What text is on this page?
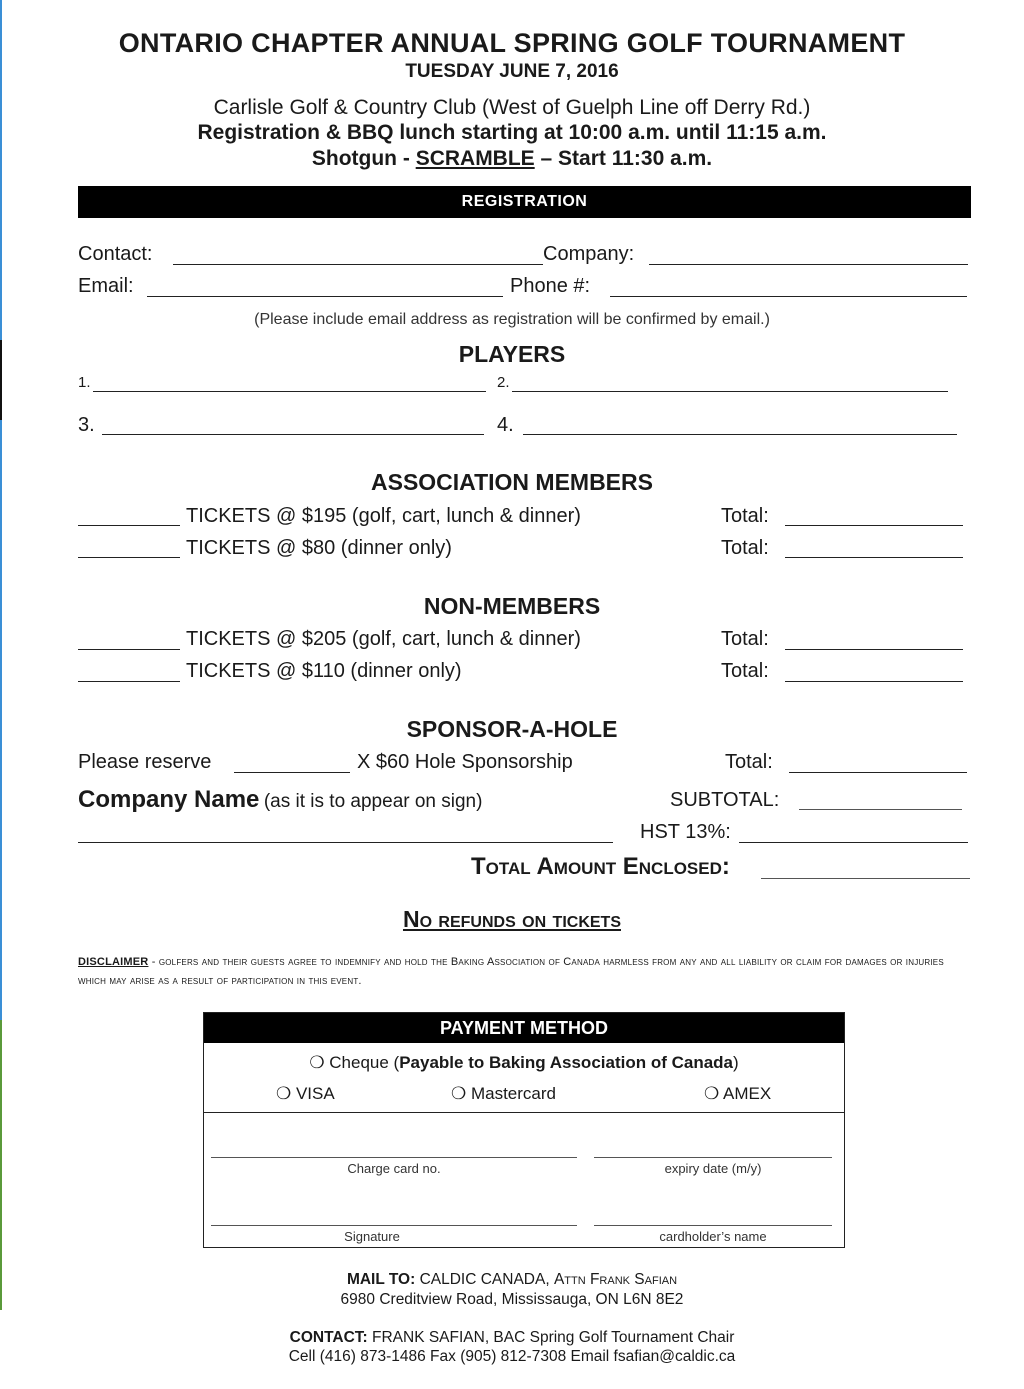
ONTARIO CHAPTER ANNUAL SPRING GOLF TOURNAMENT
TUESDAY JUNE 7, 2016
Carlisle Golf & Country Club (West of Guelph Line off Derry Rd.)
Registration & BBQ lunch starting at 10:00 a.m. until 11:15 a.m.
Shotgun - SCRAMBLE – Start 11:30 a.m.
REGISTRATION
Contact:	Company:
Email:	Phone #:
(Please include email address as registration will be confirmed by email.)
PLAYERS
1.	2.
3.	4.
ASSOCIATION MEMBERS
TICKETS @ $195 (golf, cart, lunch & dinner)	Total:
TICKETS @ $80 (dinner only)	Total:
NON-MEMBERS
TICKETS @ $205 (golf, cart, lunch & dinner)	Total:
TICKETS @ $110 (dinner only)	Total:
SPONSOR-A-HOLE
Please reserve	X $60 Hole Sponsorship	Total:
Company Name (as it is to appear on sign)	SUBTOTAL:
HST 13%:
Total Amount Enclosed:
No refunds on tickets
DISCLAIMER - golfers and their guests agree to indemnify and hold the Baking Association of Canada harmless from any and all liability or claim for damages or injuries which may arise as a result of participation in this event.
PAYMENT METHOD
❍ Cheque (Payable to Baking Association of Canada)
❍ VISA	❍ Mastercard	❍ AMEX
Charge card no.	expiry date (m/y)
Signature	cardholder’s name
MAIL TO: CALDIC CANADA, Attn Frank Safian
6980 Creditview Road, Mississauga, ON L6N 8E2
CONTACT: FRANK SAFIAN, BAC Spring Golf Tournament Chair
Cell (416) 873-1486 Fax (905) 812-7308 Email fsafian@caldic.ca
